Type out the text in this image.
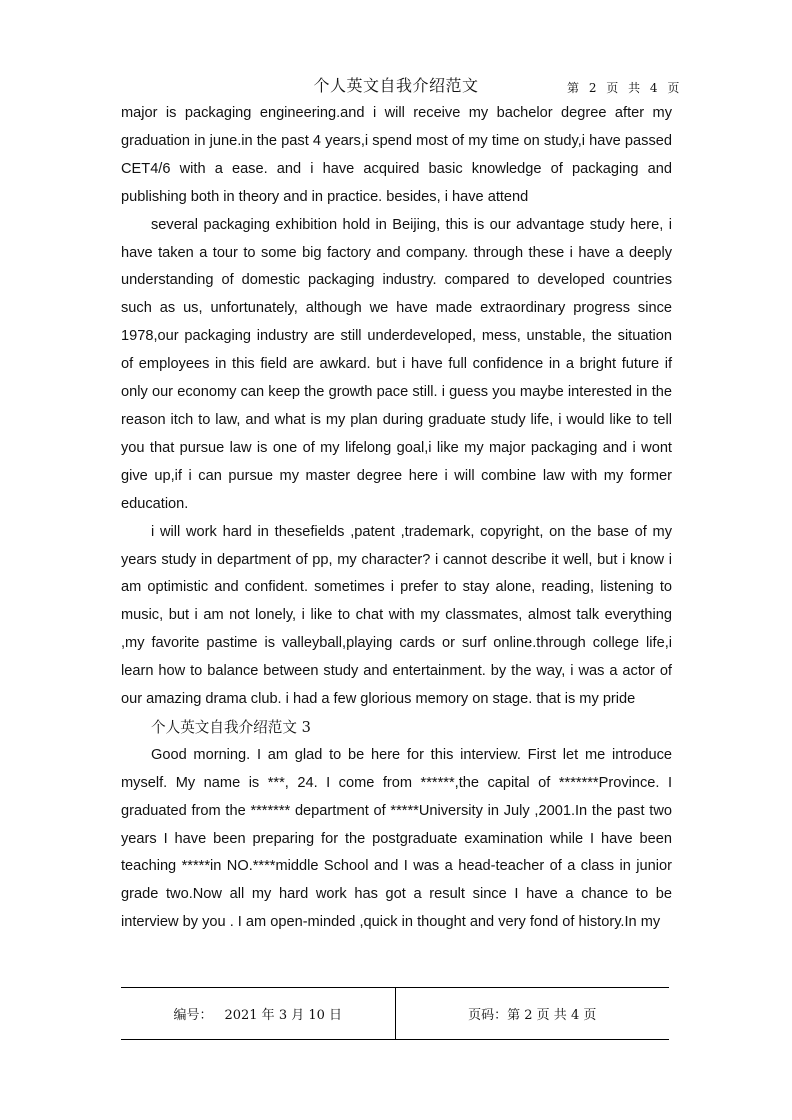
个人英文自我介绍范文	第 2 页 共 4 页

major is packaging engineering.and i will receive my bachelor degree after my graduation in june.in the past 4 years,i spend most of my time on study,i have passed CET4/6 with a ease. and i have acquired basic knowledge of packaging and publishing both in theory and in practice. besides, i have attend

several packaging exhibition hold in Beijing, this is our advantage study here, i have taken a tour to some big factory and company. through these i have a deeply understanding of domestic packaging industry. compared to developed countries such as us, unfortunately, although we have made extraordinary progress since 1978,our packaging industry are still underdeveloped, mess, unstable, the situation of employees in this field are awkard. but i have full confidence in a bright future if only our economy can keep the growth pace still. i guess you maybe interested in the reason itch to law, and what is my plan during graduate study life, i would like to tell you that pursue law is one of my lifelong goal,i like my major packaging and i wont give up,if i can pursue my master degree here i will combine law with my former education.

i will work hard in thesefields ,patent ,trademark, copyright, on the base of my years study in department of pp, my character? i cannot describe it well, but i know i am optimistic and confident. sometimes i prefer to stay alone, reading, listening to music, but i am not lonely, i like to chat with my classmates, almost talk everything ,my favorite pastime is valleyball,playing cards or surf online.through college life,i learn how to balance between study and entertainment. by the way, i was a actor of our amazing drama club. i had a few glorious memory on stage. that is my pride

个人英文自我介绍范文 3

Good morning. I am glad to be here for this interview. First let me introduce myself. My name is ***, 24. I come from ******,the capital of *******Province. I graduated from the ******* department of *****University in July ,2001.In the past two years I have been preparing for the postgraduate examination while I have been teaching *****in NO.****middle School and I was a head-teacher of a class in junior grade two.Now all my hard work has got a result since I have a chance to be interview by you . I am open-minded ,quick in thought and very fond of history.In my

编号： 2021 年 3 月 10 日	页码：第 2 页 共 4 页
